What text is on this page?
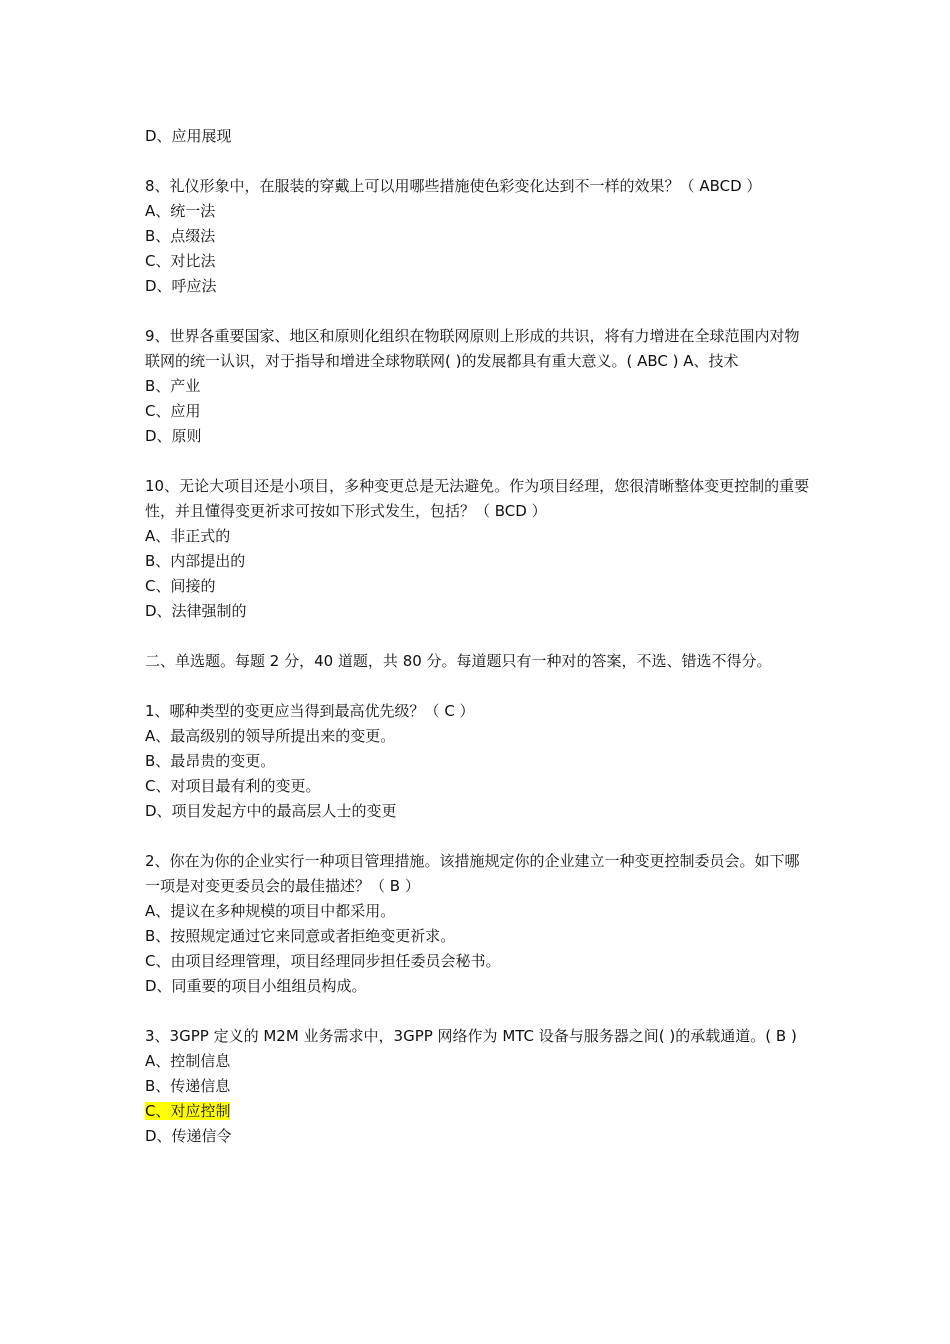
D、应用展现
8、礼仪形象中，在服装的穿戴上可以用哪些措施使色彩变化达到不一样的效果？（ ABCD ）
A、统一法
B、点缀法
C、对比法
D、呼应法
9、世界各重要国家、地区和原则化组织在物联网原则上形成的共识，将有力增进在全球范围内对物联网的统一认识，对于指导和增进全球物联网( )的发展都具有重大意义。( ABC ) A、技术
B、产业
C、应用
D、原则
10、无论大项目还是小项目，多种变更总是无法避免。作为项目经理，您很清晰整体变更控制的重要性，并且懂得变更祈求可按如下形式发生，包括？（ BCD ）
A、非正式的
B、内部提出的
C、间接的
D、法律强制的
二、单选题。每题 2 分，40 道题，共 80 分。每道题只有一种对的答案，不选、错选不得分。
1、哪种类型的变更应当得到最高优先级？（ C ）
A、最高级别的领导所提出来的变更。
B、最昂贵的变更。
C、对项目最有利的变更。
D、项目发起方中的最高层人士的变更
2、你在为你的企业实行一种项目管理措施。该措施规定你的企业建立一种变更控制委员会。如下哪一项是对变更委员会的最佳描述？（ B ）
A、提议在多种规模的项目中都采用。
B、按照规定通过它来同意或者拒绝变更祈求。
C、由项目经理管理，项目经理同步担任委员会秘书。
D、同重要的项目小组组员构成。
3、3GPP 定义的 M2M 业务需求中，3GPP 网络作为 MTC 设备与服务器之间( )的承载通道。( B )
A、控制信息
B、传递信息
C、对应控制
D、传递信令
